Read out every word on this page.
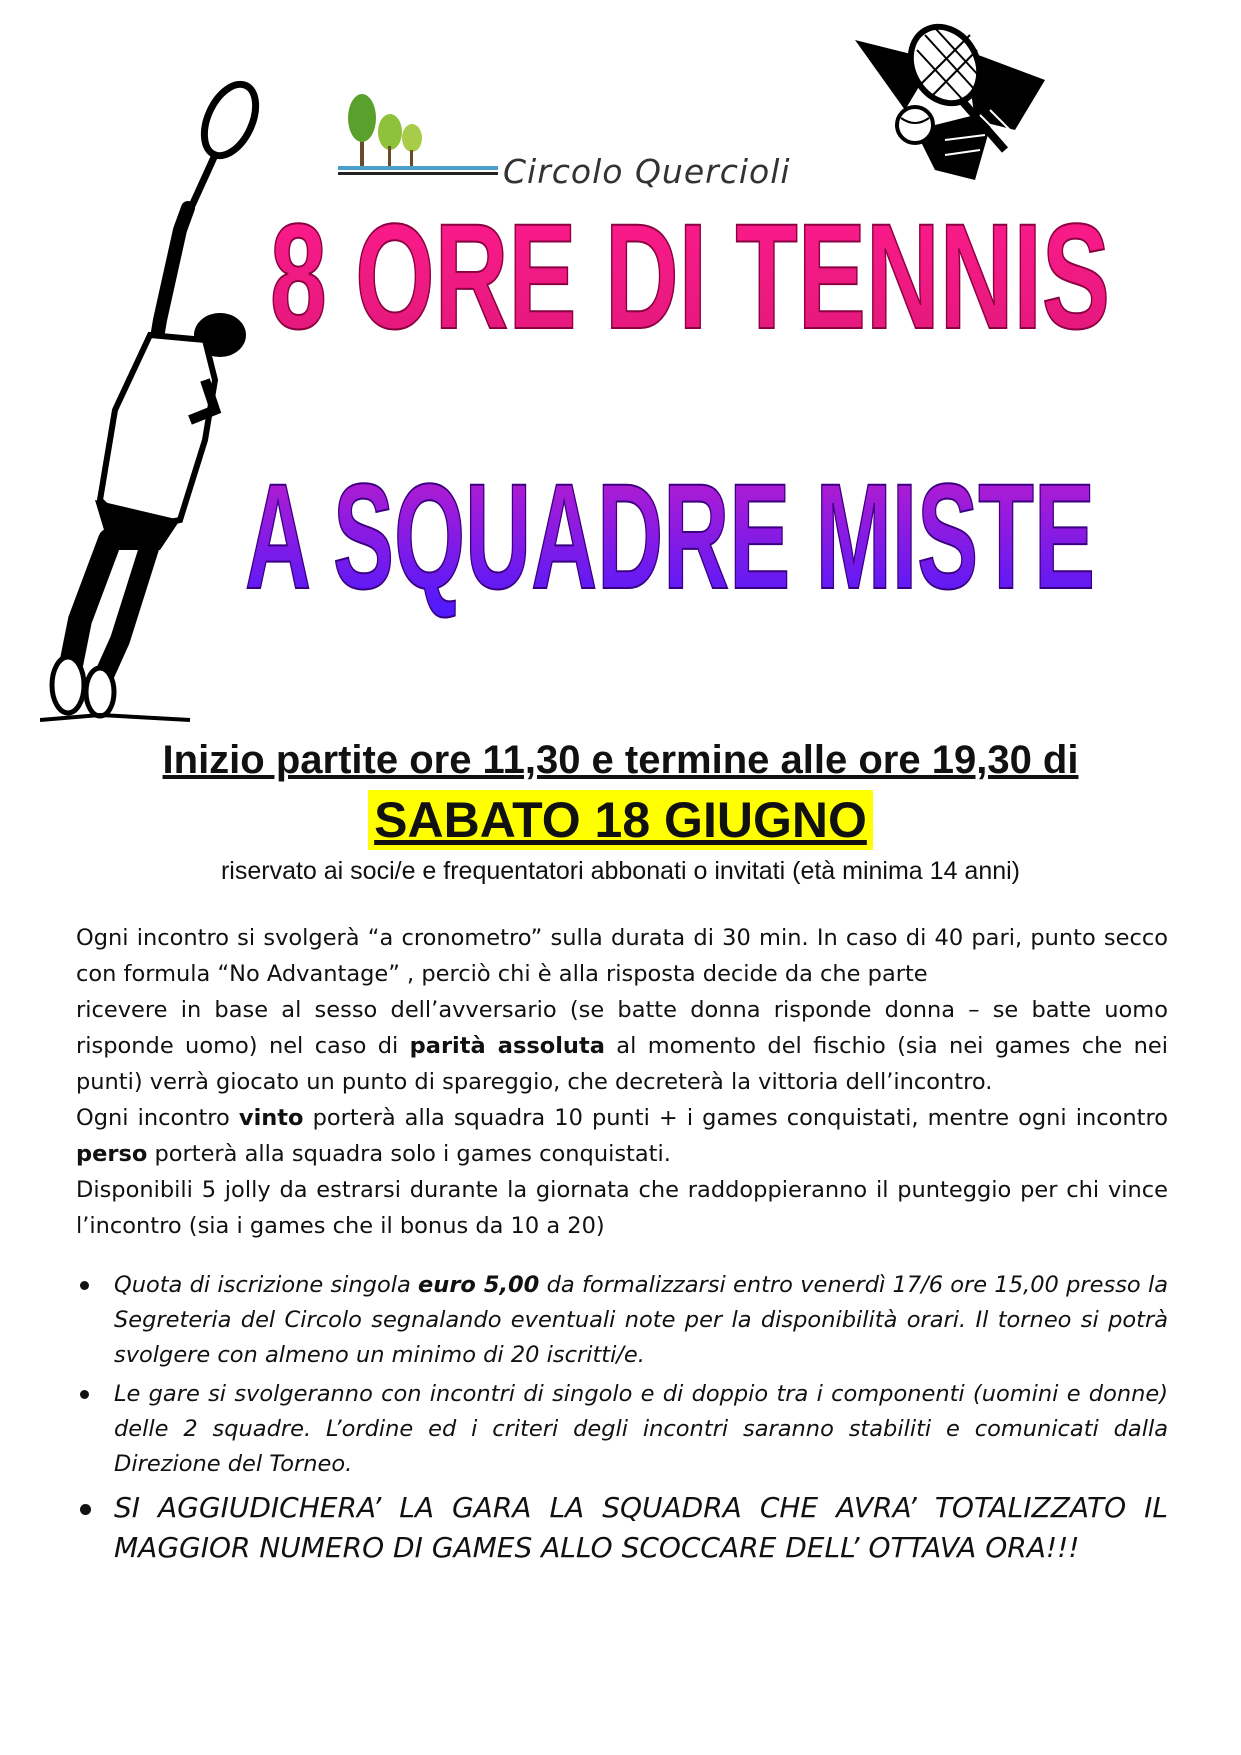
Circolo Quercioli
8 ORE DI TENNIS
A SQUADRE MISTE
Inizio partite ore 11,30 e termine alle ore 19,30 di
SABATO 18 GIUGNO
riservato ai soci/e e frequentatori abbonati o invitati (età minima 14 anni)

Ogni incontro si svolgerà “a cronometro” sulla durata di 30 min. In caso di 40 pari, punto secco con formula “No Advantage” , perciò chi è alla risposta decide da che parte

ricevere in base al sesso dell’avversario (se batte donna risponde donna – se batte uomo risponde uomo) nel caso di parità assoluta al momento del fischio (sia nei games che nei punti) verrà giocato un punto di spareggio, che decreterà la vittoria dell’incontro.

Ogni incontro vinto porterà alla squadra 10 punti + i games conquistati, mentre ogni incontro perso porterà alla squadra solo i games conquistati.

Disponibili 5 jolly da estrarsi durante la giornata che raddoppieranno il punteggio per chi vince l’incontro (sia i games che il bonus da 10 a 20)

Quota di iscrizione singola euro 5,00 da formalizzarsi entro venerdì 17/6 ore 15,00 presso la Segreteria del Circolo segnalando eventuali note per la disponibilità orari. Il torneo si potrà svolgere con almeno un minimo di 20 iscritti/e.
Le gare si svolgeranno con incontri di singolo e di doppio tra i componenti (uomini e donne) delle 2 squadre. L’ordine ed i criteri degli incontri saranno stabiliti e comunicati dalla Direzione del Torneo.
SI AGGIUDICHERA’ LA GARA LA SQUADRA CHE AVRA’ TOTALIZZATO IL MAGGIOR NUMERO DI GAMES ALLO SCOCCARE DELL’ OTTAVA ORA!!!
